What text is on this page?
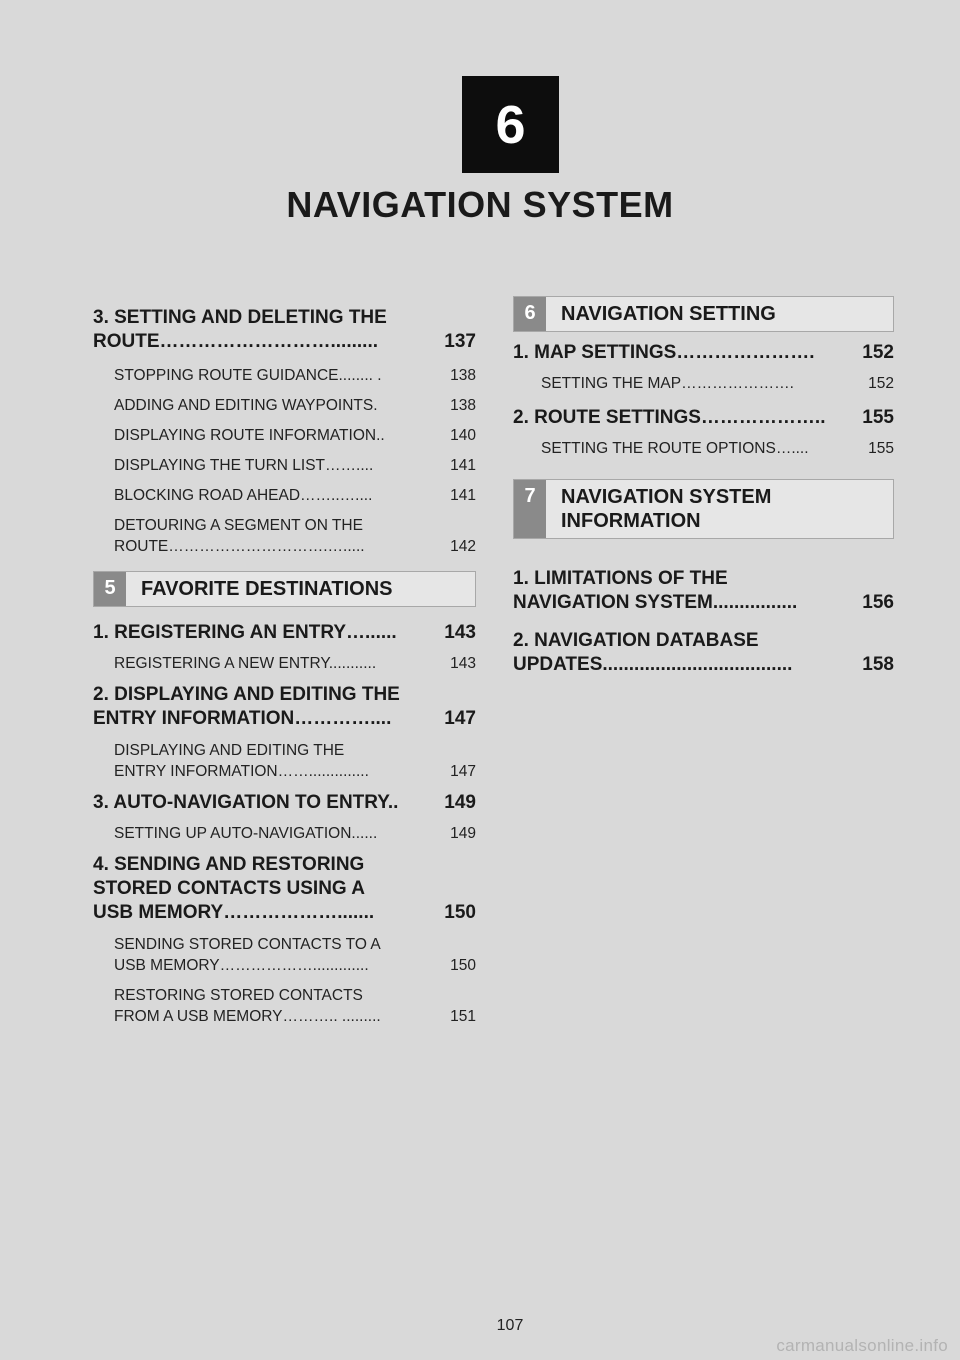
6
NAVIGATION SYSTEM
3. SETTING AND DELETING THE
ROUTE……………………….........	137
STOPPING ROUTE GUIDANCE........ .	138
ADDING AND EDITING WAYPOINTS.	138
DISPLAYING ROUTE INFORMATION..	140
DISPLAYING THE TURN LIST……....	141
BLOCKING ROAD AHEAD……..…....	141
DETOURING A SEGMENT ON THE
ROUTE………………………….….....	142
5	FAVORITE DESTINATIONS
1. REGISTERING AN ENTRY…......	143
REGISTERING A NEW ENTRY...........	143
2. DISPLAYING AND EDITING THE
ENTRY INFORMATION…………....	147
DISPLAYING AND EDITING THE
ENTRY INFORMATION……..............	147
3. AUTO-NAVIGATION TO ENTRY..	149
SETTING UP AUTO-NAVIGATION......	149
4. SENDING AND RESTORING
STORED CONTACTS USING A
USB MEMORY……………….......	150
SENDING STORED CONTACTS TO A
USB MEMORY……………….............	150
RESTORING STORED CONTACTS
FROM A USB MEMORY……….. .........	151
6	NAVIGATION SETTING
1. MAP SETTINGS………………….	152
SETTING THE MAP………………….	152
2. ROUTE SETTINGS………………..	155
SETTING THE ROUTE OPTIONS…....	155
7	NAVIGATION SYSTEM
INFORMATION
1. LIMITATIONS OF THE
NAVIGATION SYSTEM................	156
2. NAVIGATION DATABASE
UPDATES....................................	158
107
carmanualsonline.info
